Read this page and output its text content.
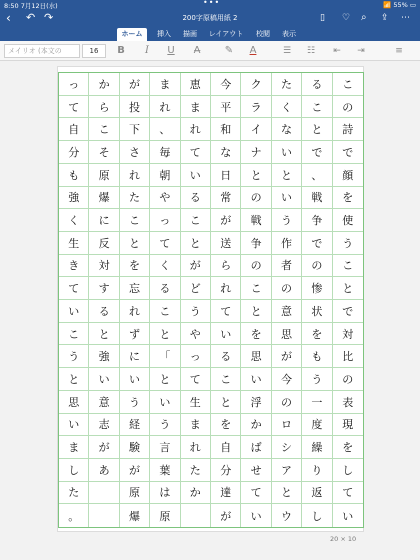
8:50 7月12日(水)	•••	📶 55% ▭
‹ ↶ ↷	200字原稿用紙 2	▯ ♡ ⌕ ⇪ ⋯
ホーム	挿入	描画	レイアウト	校閲	表示
メイリオ (本文の	16	B	I	U	A̶	✎	A	☰	☷	⇤	⇥	≡
っ	か	が	ま	恵	今	ク	た	る	こ
て	ら	投	れ	ま	平	ラ	く	こ	の
自	こ	下	、	れ	和	イ	な	と	詩
分	そ	さ	毎	て	な	ナ	い	で	で
も	原	れ	朝	い	日	と	と	、	顔
強	爆	た	や	る	常	の	い	戦	を
く	に	こ	っ	こ	が	戦	う	争	使
生	反	と	て	と	送	争	作	で	う
き	対	を	く	が	ら	の	者	の	こ
て	す	忘	る	ど	れ	こ	の	惨	と
い	る	れ	こ	う	て	と	意	状	で
こ	と	ず	と	や	い	を	思	を	対
う	強	に	「	っ	る	思	が	も	比
と	い	い	と	て	こ	い	今	う	の
思	意	う	い	生	と	浮	の	一	表
い	志	経	う	ま	を	か	ロ	度	現
ま	が	験	言	れ	自	ば	シ	繰	を
し	あ	が	葉	た	分	せ	ア	り	し
た	原	は	か	達	て	と	返	て
。	爆	原	が	い	ウ	し	い
20 × 10
